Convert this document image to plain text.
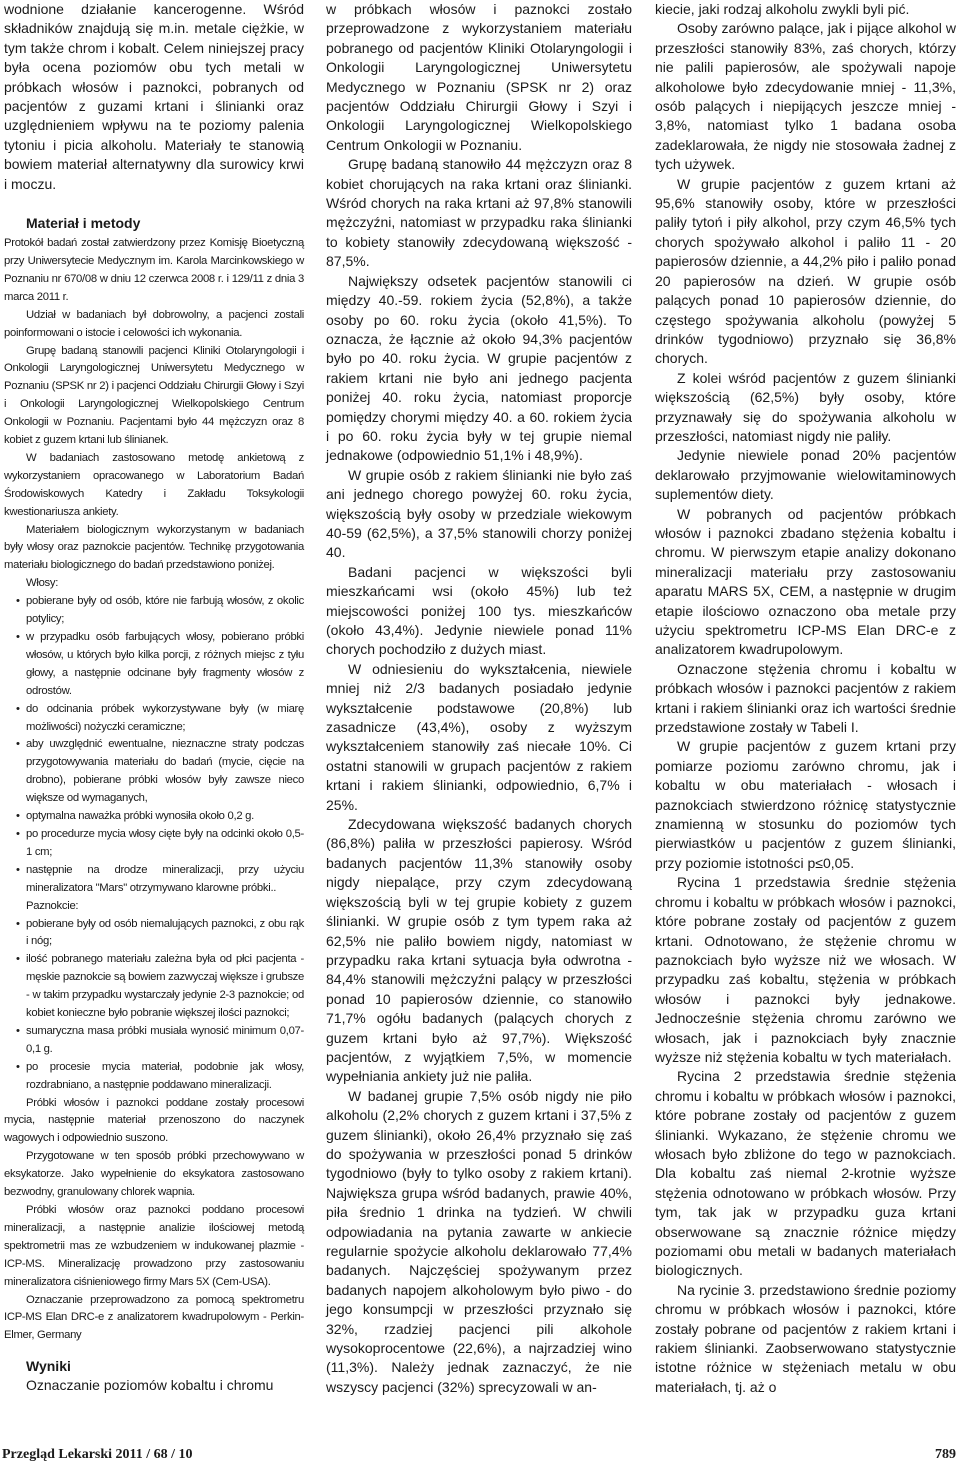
wodnione działanie kancerogenne. Wśród składników znajdują się m.in. metale ciężkie, w tym także chrom i kobalt. Celem niniejszej pracy była ocena poziomów obu tych metali w próbkach włosów i paznokci, pobranych od pacjentów z guzami krtani i ślinianki oraz uzględnieniem wpływu na te poziomy palenia tytoniu i picia alkoholu. Materiały te stanowią bowiem materiał alternatywny dla surowicy krwi i moczu.

Materiał i metody

Protokół badań został zatwierdzony przez Komisję Bioetyczną przy Uniwersytecie Medycznym im. Karola Marcinkowskiego w Poznaniu nr 670/08 w dniu 12 czerwca 2008 r. i 129/11 z dnia 3 marca 2011 r.

Udział w badaniach był dobrowolny, a pacjenci zostali poinformowani o istocie i celowości ich wykonania.

Grupę badaną stanowili pacjenci Kliniki Otolaryngologii i Onkologii Laryngologicznej Uniwersytetu Medycznego w Poznaniu (SPSK nr 2) i pacjenci Oddziału Chirurgii Głowy i Szyi i Onkologii Laryngologicznej Wielkopolskiego Centrum Onkologii w Poznaniu. Pacjentami było 44 mężczyzn oraz 8 kobiet z guzem krtani lub ślinianek.

W badaniach zastosowano metodę ankietową z wykorzystaniem opracowanego w Laboratorium Badań Środowiskowych Katedry i Zakładu Toksykologii kwestionariusza ankiety.

Materiałem biologicznym wykorzystanym w badaniach były włosy oraz paznokcie pacjentów. Technikę przygotowania materiału biologicznego do badań przedstawiono poniżej.

Włosy:

• pobierane były od osób, które nie farbują włosów, z okolic potylicy;

• w przypadku osób farbujących włosy, pobierano próbki włosów, u których było kilka porcji, z różnych miejsc z tyłu głowy, a następnie odcinane były fragmenty włosów z odrostów.

• do odcinania próbek wykorzystywane były (w miarę możliwości) nożyczki ceramiczne;

• aby uwzględnić ewentualne, nieznaczne straty podczas przygotowywania materiału do badań (mycie, cięcie na drobno), pobierane próbki włosów były zawsze nieco większe od wymaganych,

• optymalna naważka próbki wynosiła około 0,2 g.

• po procedurze mycia włosy cięte były na odcinki około 0,5-1 cm;

• następnie na drodze mineralizacji, przy użyciu mineralizatora "Mars" otrzymywano klarowne próbki..

Paznokcie:

• pobierane były od osób niemalujących paznokci, z obu rąk i nóg;

• ilość pobranego materiału zależna była od płci pacjenta - męskie paznokcie są bowiem zazwyczaj większe i grubsze - w takim przypadku wystarczały jedynie 2-3 paznokcie; od kobiet konieczne było pobranie większej ilości paznokci;

• sumaryczna masa próbki musiała wynosić minimum 0,07-0,1 g.

• po procesie mycia materiał, podobnie jak włosy, rozdrabniano, a następnie poddawano mineralizacji.

Próbki włosów i paznokci poddane zostały procesowi mycia, następnie materiał przenoszono do naczynek wagowych i odpowiednio suszono.

Przygotowane w ten sposób próbki przechowywano w eksykatorze. Jako wypełnienie do eksykatora zastosowano bezwodny, granulowany chlorek wapnia.

Próbki włosów oraz paznokci poddano procesowi mineralizacji, a następnie analizie ilościowej metodą spektrometrii mas ze wzbudzeniem w indukowanej plazmie - ICP-MS. Mineralizację prowadzono przy zastosowaniu mineralizatora ciśnieniowego firmy Mars 5X (Cem-USA).

Oznaczanie przeprowadzono za pomocą spektrometru ICP-MS Elan DRC-e z analizatorem kwadrupolowym - Perkin-Elmer, Germany

Wyniki

Oznaczanie poziomów kobaltu i chromu

w próbkach włosów i paznokci zostało przeprowadzone z wykorzystaniem materiału pobranego od pacjentów Kliniki Otolaryngologii i Onkologii Laryngologicznej Uniwersytetu Medycznego w Poznaniu (SPSK nr 2) oraz pacjentów Oddziału Chirurgii Głowy i Szyi i Onkologii Laryngologicznej Wielkopolskiego Centrum Onkologii w Poznaniu.

Grupę badaną stanowiło 44 mężczyzn oraz 8 kobiet chorujących na raka krtani oraz ślinianki. Wśród chorych na raka krtani aż 97,8% stanowili mężczyźni, natomiast w przypadku raka ślinianki to kobiety stanowiły zdecydowaną większość - 87,5%.

Największy odsetek pacjentów stanowili ci między 40.-59. rokiem życia (52,8%), a także osoby po 60. roku życia (około 41,5%). To oznacza, że łącznie aż około 94,3% pacjentów było po 40. roku życia. W grupie pacjentów z rakiem krtani nie było ani jednego pacjenta poniżej 40. roku życia, natomiast proporcje pomiędzy chorymi między 40. a 60. rokiem życia i po 60. roku życia były w tej grupie niemal jednakowe (odpowiednio 51,1% i 48,9%).

W grupie osób z rakiem ślinianki nie było zaś ani jednego chorego powyżej 60. roku życia, większością były osoby w przedziale wiekowym 40-59 (62,5%), a 37,5% stanowili chorzy poniżej 40.

Badani pacjenci w większości byli mieszkańcami wsi (około 45%) lub też miejscowości poniżej 100 tys. mieszkańców (około 43,4%). Jedynie niewiele ponad 11% chorych pochodziło z dużych miast.

W odniesieniu do wykształcenia, niewiele mniej niż 2/3 badanych posiadało jedynie wykształcenie podstawowe (20,8%) lub zasadnicze (43,4%), osoby z wyższym wykształceniem stanowiły zaś niecałe 10%. Ci ostatni stanowili w grupach pacjentów z rakiem krtani i rakiem ślinianki, odpowiednio, 6,7% i 25%.

Zdecydowana większość badanych chorych (86,8%) paliła w przeszłości papierosy. Wśród badanych pacjentów 11,3% stanowiły osoby nigdy niepalące, przy czym zdecydowaną większością byli w tej grupie kobiety z guzem ślinianki. W grupie osób z tym typem raka aż 62,5% nie paliło bowiem nigdy, natomiast w przypadku raka krtani sytuacja była odwrotna - 84,4% stanowili mężczyźni palący w przeszłości ponad 10 papierosów dziennie, co stanowiło 71,7% ogółu badanych (palących chorych z guzem krtani było aż 97,7%). Większość pacjentów, z wyjątkiem 7,5%, w momencie wypełniania ankiety już nie paliła.

W badanej grupie 7,5% osób nigdy nie piło alkoholu (2,2% chorych z guzem krtani i 37,5% z guzem ślinianki), około 26,4% przyznało się zaś do spożywania w przeszłości ponad 5 drinków tygodniowo (były to tylko osoby z rakiem krtani). Największa grupa wśród badanych, prawie 40%, piła średnio 1 drinka na tydzień. W chwili odpowiadania na pytania zawarte w ankiecie regularnie spożycie alkoholu deklarowało 77,4% badanych. Najczęściej spożywanym przez badanych napojem alkoholowym było piwo - do jego konsumpcji w przeszłości przyznało się 32%, rzadziej pacjenci pili alkohole wysokoprocentowe (22,6%), a najrzadziej wino (11,3%). Należy jednak zaznaczyć, że nie wszyscy pacjenci (32%) sprecyzowali w an-

kiecie, jaki rodzaj alkoholu zwykli byli pić.

Osoby zarówno palące, jak i pijące alkohol w przeszłości stanowiły 83%, zaś chorych, którzy nie palili papierosów, ale spożywali napoje alkoholowe było zdecydowanie mniej - 11,3%, osób palących i niepijących jeszcze mniej - 3,8%, natomiast tylko 1 badana osoba zadeklarowała, że nigdy nie stosowała żadnej z tych używek.

W grupie pacjentów z guzem krtani aż 95,6% stanowiły osoby, które w przeszłości paliły tytoń i piły alkohol, przy czym 46,5% tych chorych spożywało alkohol i paliło 11 - 20 papierosów dziennie, a 44,2% piło i paliło ponad 20 papierosów na dzień. W grupie osób palących ponad 10 papierosów dziennie, do częstego spożywania alkoholu (powyżej 5 drinków tygodniowo) przyznało się 36,8% chorych.

Z kolei wśród pacjentów z guzem ślinianki większością (62,5%) były osoby, które przyznawały się do spożywania alkoholu w przeszłości, natomiast nigdy nie paliły.

Jedynie niewiele ponad 20% pacjentów deklarowało przyjmowanie wielowitaminowych suplementów diety.

W pobranych od pacjentów próbkach włosów i paznokci zbadano stężenia kobaltu i chromu. W pierwszym etapie analizy dokonano mineralizacji materiału przy zastosowaniu aparatu MARS 5X, CEM, a następnie w drugim etapie ilościowo oznaczono oba metale przy użyciu spektrometru ICP-MS Elan DRC-e z analizatorem kwadrupolowym.

Oznaczone stężenia chromu i kobaltu w próbkach włosów i paznokci pacjentów z rakiem krtani i rakiem ślinianki oraz ich wartości średnie przedstawione zostały w Tabeli I.

W grupie pacjentów z guzem krtani przy pomiarze poziomu zarówno chromu, jak i kobaltu w obu materiałach - włosach i paznokciach stwierdzono różnicę statystycznie znamienną w stosunku do poziomów tych pierwiastków u pacjentów z guzem ślinianki, przy poziomie istotności p≤0,05.

Rycina 1 przedstawia średnie stężenia chromu i kobaltu w próbkach włosów i paznokci, które pobrane zostały od pacjentów z guzem krtani. Odnotowano, że stężenie chromu w paznokciach było wyższe niż we włosach. W przypadku zaś kobaltu, stężenia w próbkach włosów i paznokci były jednakowe. Jednocześnie stężenia chromu zarówno we włosach, jak i paznokciach były znacznie wyższe niż stężenia kobaltu w tych materiałach.

Rycina 2 przedstawia średnie stężenia chromu i kobaltu w próbkach włosów i paznokci, które pobrane zostały od pacjentów z guzem ślinianki. Wykazano, że stężenie chromu we włosach było zbliżone do tego w paznokciach. Dla kobaltu zaś niemal 2-krotnie wyższe stężenia odnotowano w próbkach włosów. Przy tym, tak jak w przypadku guza krtani obserwowane są znacznie różnice między poziomami obu metali w badanych materiałach biologicznych.

Na rycinie 3. przedstawiono średnie poziomy chromu w próbkach włosów i paznokci, które zostały pobrane od pacjentów z rakiem krtani i rakiem ślinianki. Zaobserwowano statystycznie istotne różnice w stężeniach metalu w obu materiałach, tj. aż o

Przegląd Lekarski 2011 / 68 / 10	789
